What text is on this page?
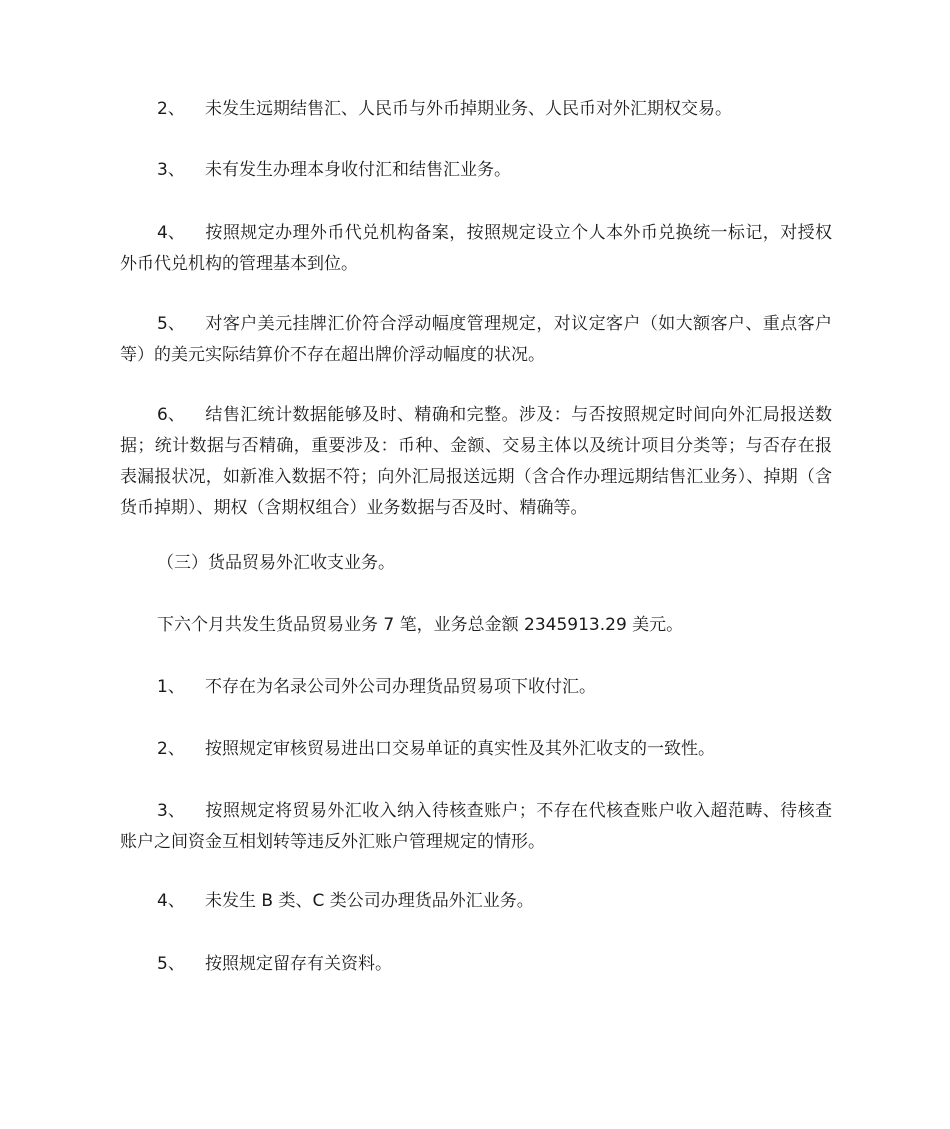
2、 未发生远期结售汇、人民币与外币掉期业务、人民币对外汇期权交易。

3、 未有发生办理本身收付汇和结售汇业务。

4、 按照规定办理外币代兑机构备案，按照规定设立个人本外币兑换统一标记，对授权外币代兑机构的管理基本到位。

5、 对客户美元挂牌汇价符合浮动幅度管理规定，对议定客户（如大额客户、重点客户等）的美元实际结算价不存在超出牌价浮动幅度的状况。

6、 结售汇统计数据能够及时、精确和完整。涉及：与否按照规定时间向外汇局报送数据；统计数据与否精确，重要涉及：币种、金额、交易主体以及统计项目分类等；与否存在报表漏报状况，如新准入数据不符；向外汇局报送远期（含合作办理远期结售汇业务）、掉期（含货币掉期）、期权（含期权组合）业务数据与否及时、精确等。

（三）货品贸易外汇收支业务。

下六个月共发生货品贸易业务 7 笔，业务总金额 2345913.29 美元。

1、 不存在为名录公司外公司办理货品贸易项下收付汇。

2、 按照规定审核贸易进出口交易单证的真实性及其外汇收支的一致性。

3、 按照规定将贸易外汇收入纳入待核查账户；不存在代核查账户收入超范畴、待核查账户之间资金互相划转等违反外汇账户管理规定的情形。

4、 未发生 B 类、C 类公司办理货品外汇业务。

5、 按照规定留存有关资料。
